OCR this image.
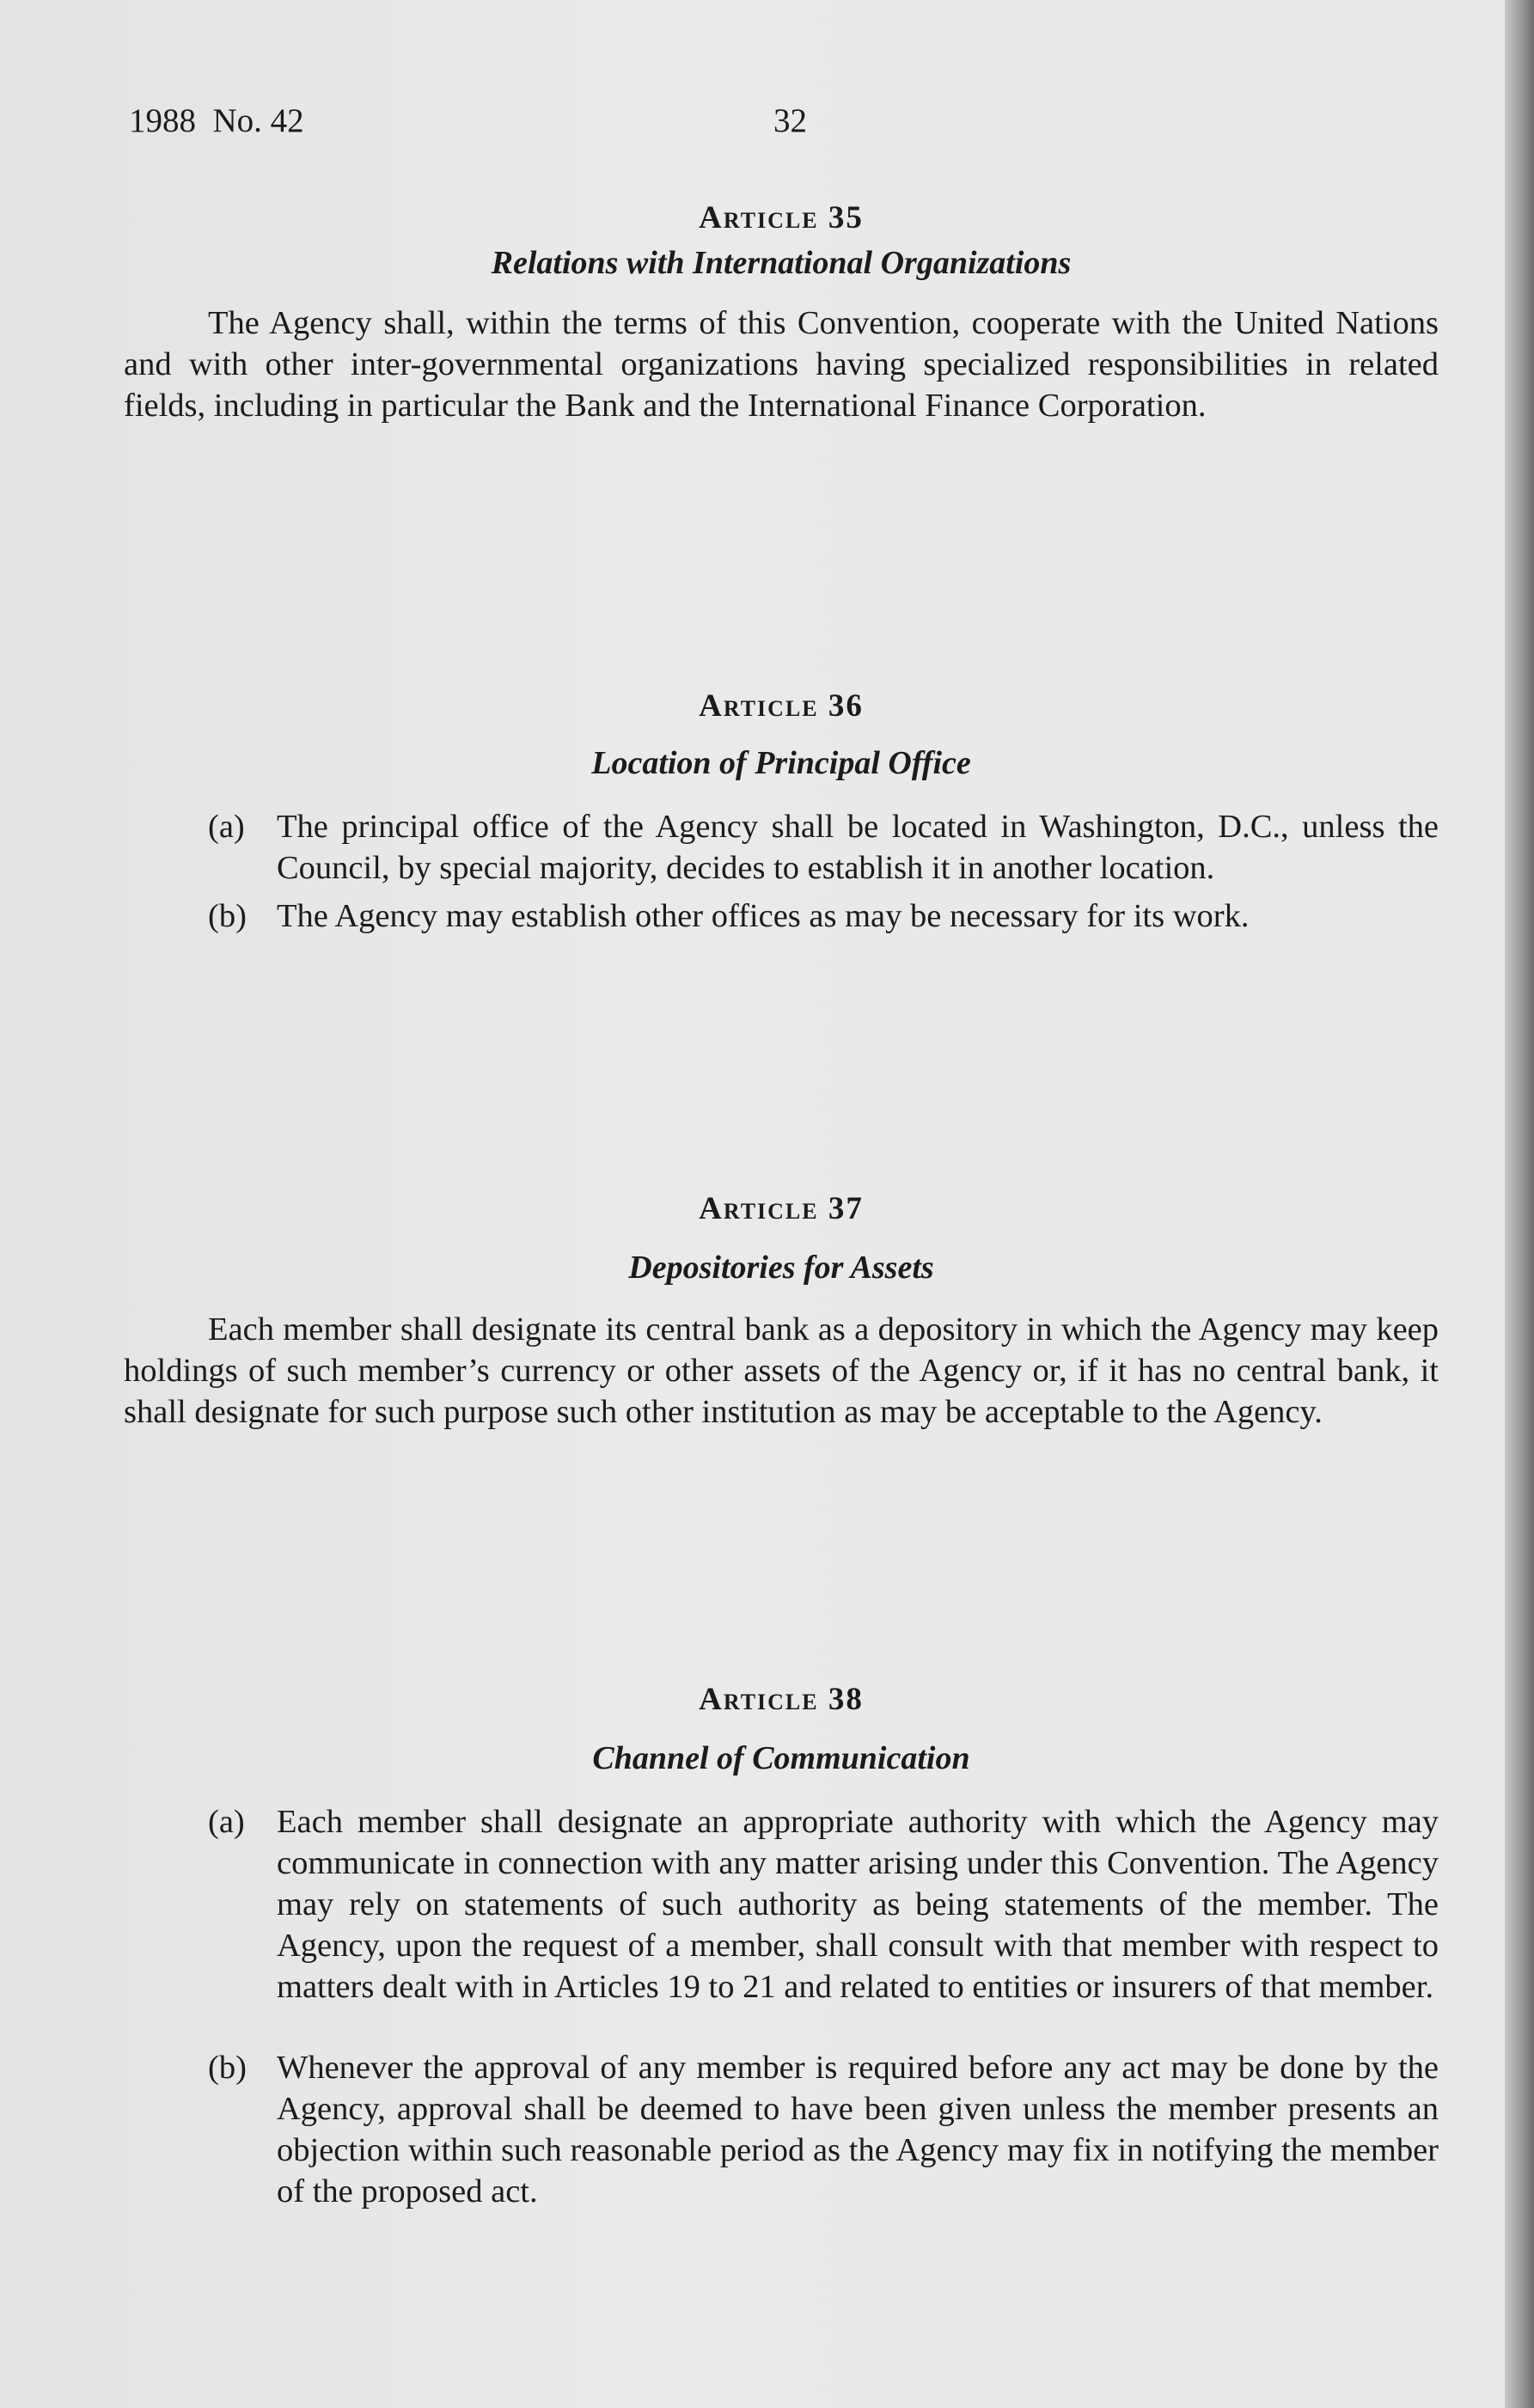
1988  No. 42	32
Article 35
Relations with International Organizations

The Agency shall, within the terms of this Convention, cooperate with the United Nations and with other inter-governmental organizations having specialized responsibilities in related fields, including in particular the Bank and the International Finance Corporation.

Article 36
Location of Principal Office
(a) The principal office of the Agency shall be located in Washington, D.C., unless the Council, by special majority, decides to establish it in another location.
(b) The Agency may establish other offices as may be necessary for its work.
Article 37
Depositories for Assets

Each member shall designate its central bank as a depository in which the Agency may keep holdings of such member’s currency or other assets of the Agency or, if it has no central bank, it shall designate for such purpose such other institution as may be acceptable to the Agency.

Article 38
Channel of Communication
(a) Each member shall designate an appropriate authority with which the Agency may communicate in connection with any matter arising under this Convention. The Agency may rely on statements of such authority as being statements of the member. The Agency, upon the request of a member, shall consult with that member with respect to matters dealt with in Articles 19 to 21 and related to entities or insurers of that member.
(b) Whenever the approval of any member is required before any act may be done by the Agency, approval shall be deemed to have been given unless the member presents an objection within such reasonable period as the Agency may fix in notifying the member of the proposed act.
